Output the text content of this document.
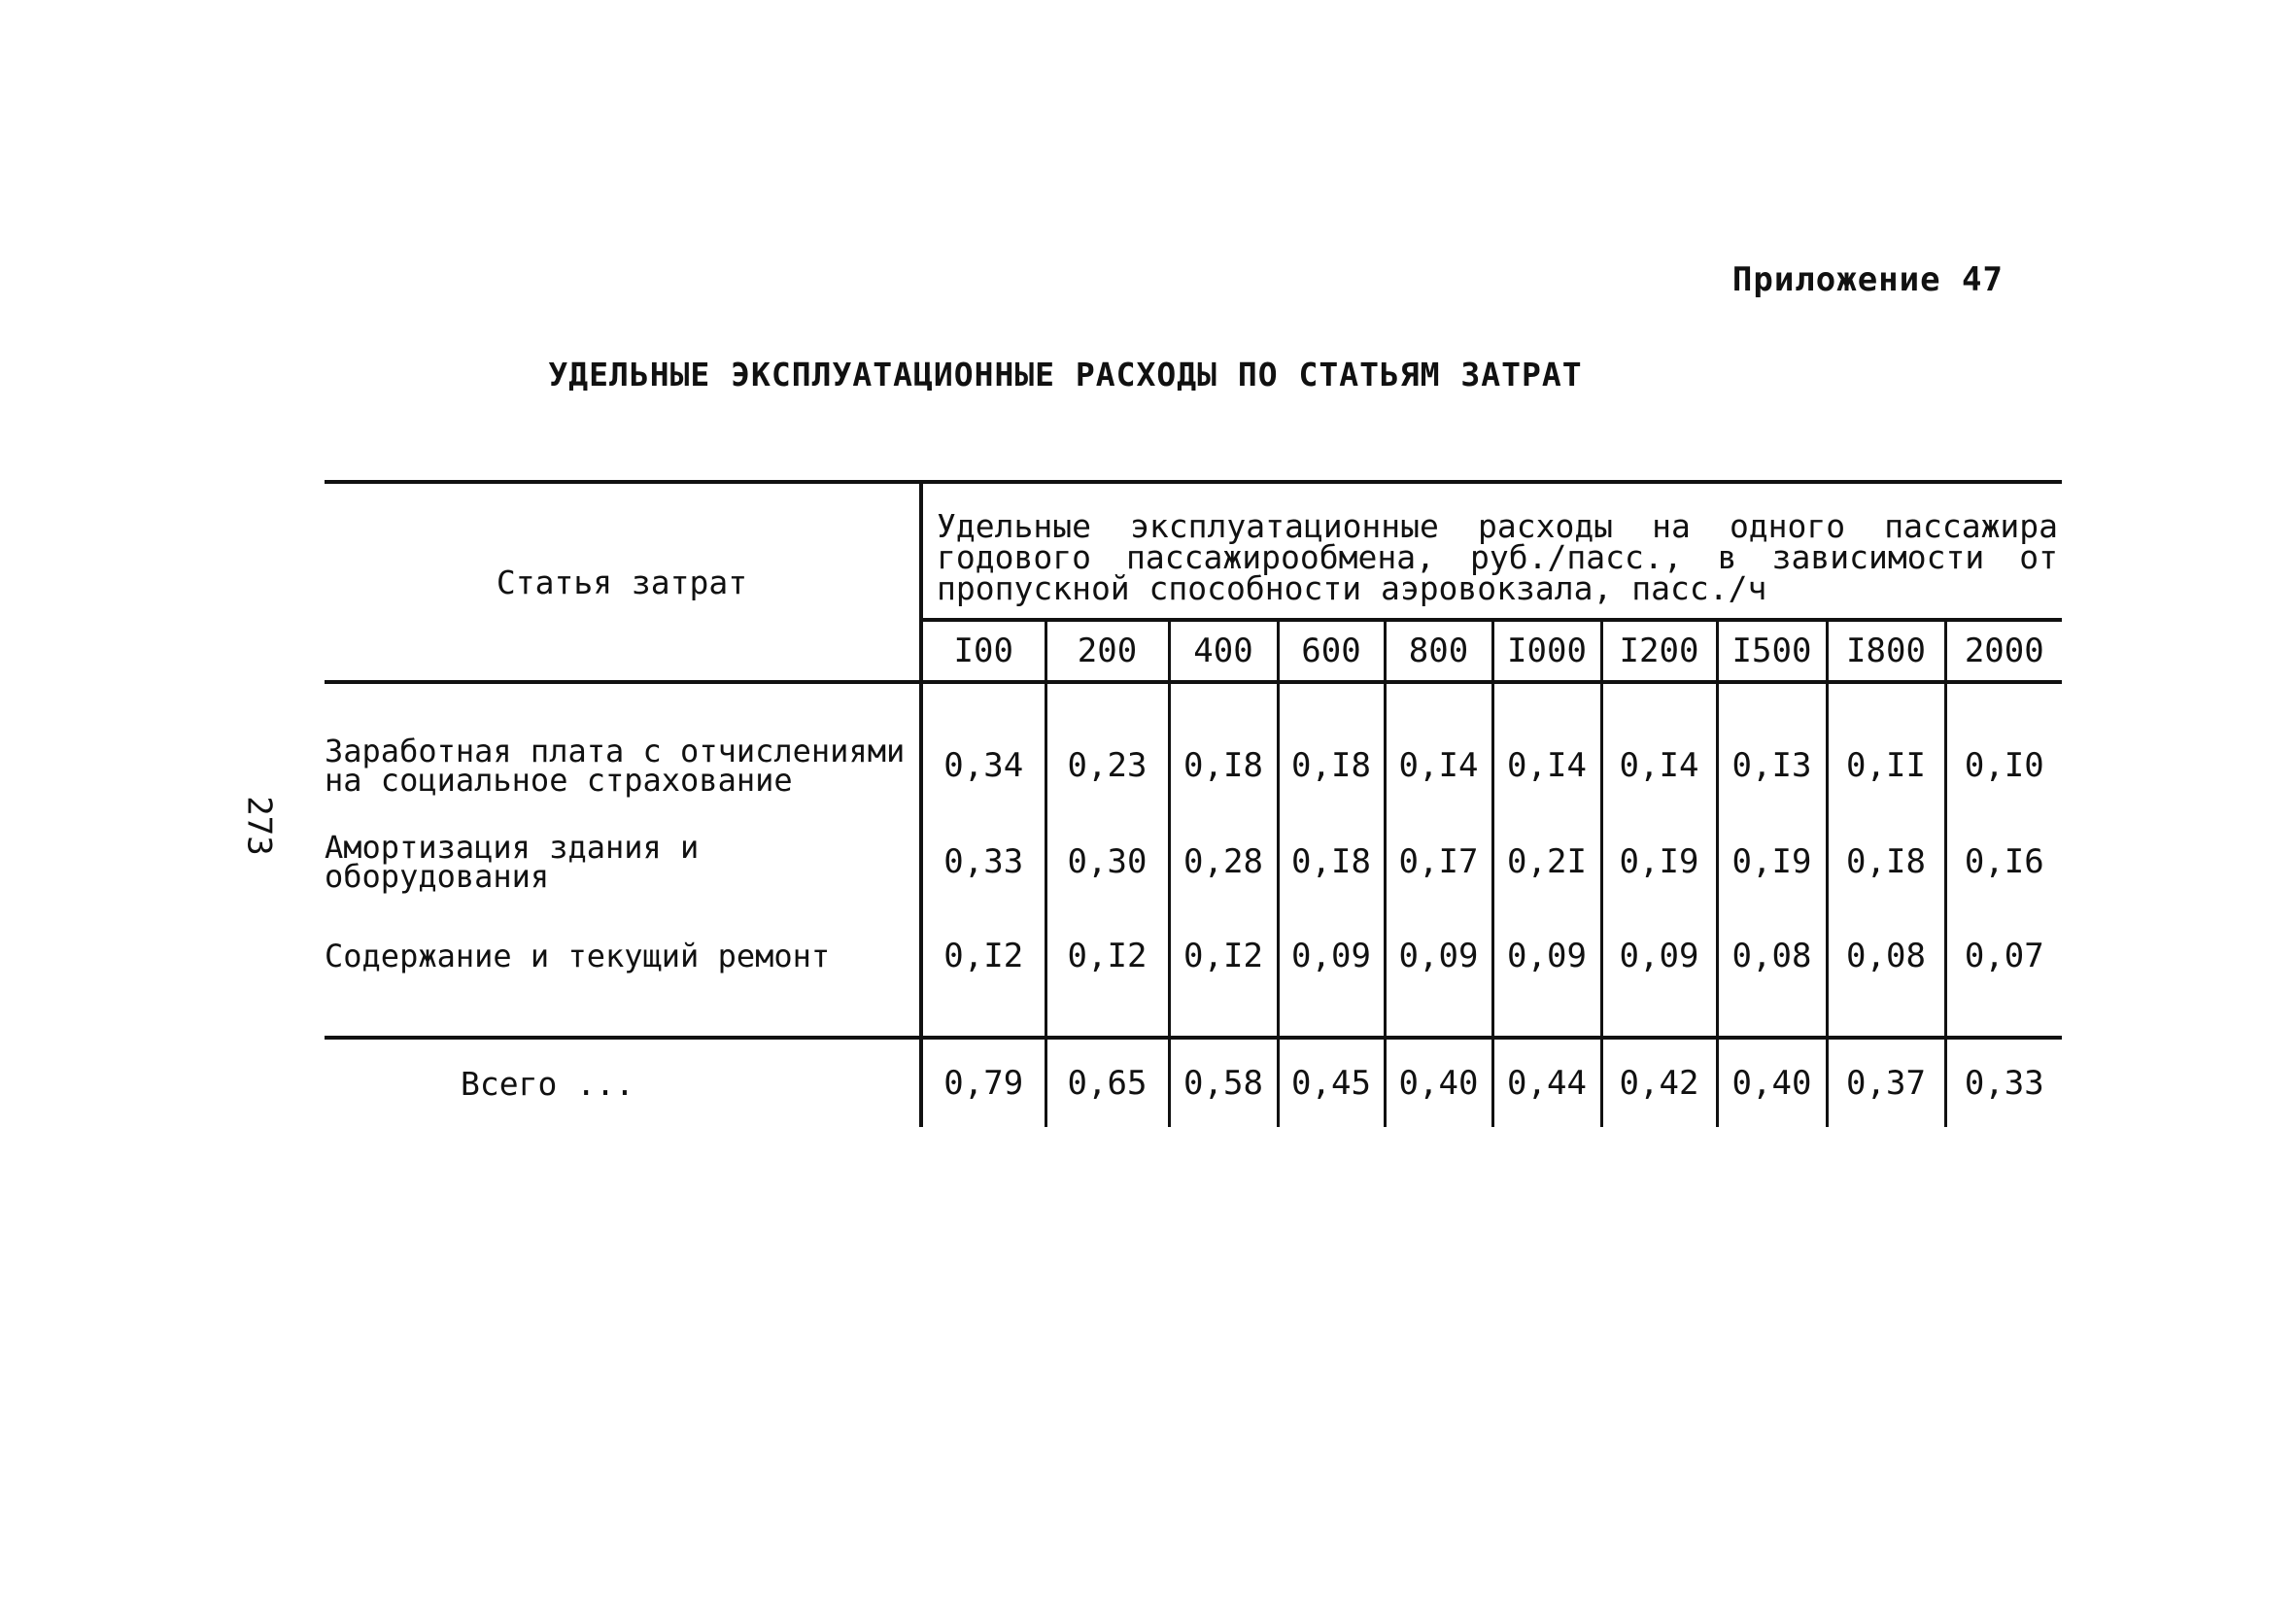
Приложение 47
УДЕЛЬНЫЕ ЭКСПЛУАТАЦИОННЫЕ РАСХОДЫ ПО СТАТЬЯМ ЗАТРАТ
273
Статья затрат	Удельные эксплуатационные расходы на одного пассажира годового пассажирообмена, руб./пасс., в зависимости от пропускной способности аэровокзала, пасс./ч									
	I00	200	400	600	800	I000	I200	I500	I800	2000

Заработная плата с отчислениями на социальное страхование	0,34	0,23	0,I8	0,I8	0,I4	0,I4	0,I4	0,I3	0,II	0,I0
Амортизация здания и оборудования	0,33	0,30	0,28	0,I8	0,I7	0,2I	0,I9	0,I9	0,I8	0,I6
Содержание и текущий ремонт	0,I2	0,I2	0,I2	0,09	0,09	0,09	0,09	0,08	0,08	0,07

Всего ...	0,79	0,65	0,58	0,45	0,40	0,44	0,42	0,40	0,37	0,33
